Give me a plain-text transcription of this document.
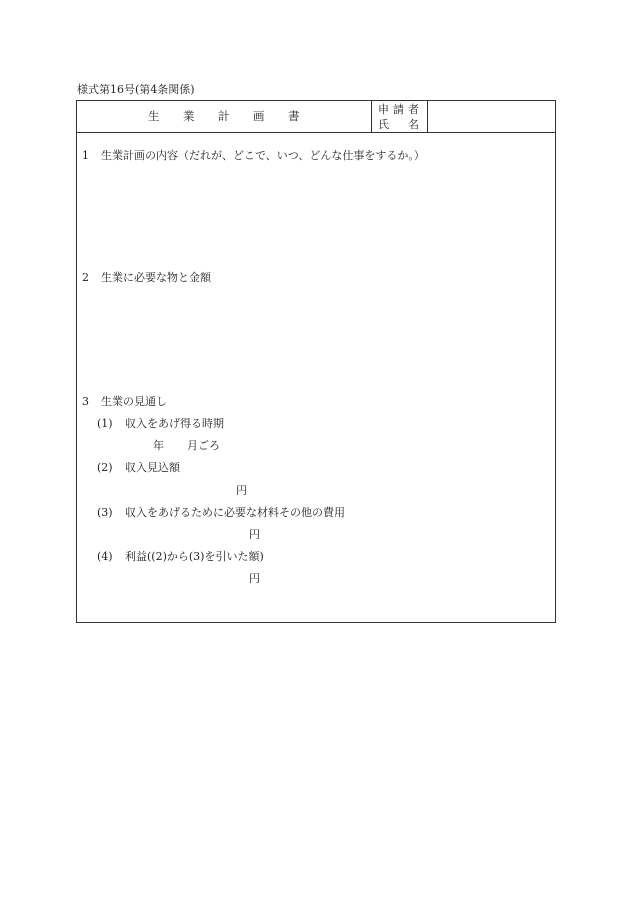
様式第16号(第4条関係)
生 業 計 画 書	申 請 者
氏 名
1 生業計画の内容（だれが、どこで、いつ、どんな仕事をするか。）
2 生業に必要な物と金額
3 生業の見通し
(1) 収入をあげ得る時期
年 月ごろ
(2) 収入見込額
円
(3) 収入をあげるために必要な材料その他の費用
円
(4) 利益((2)から(3)を引いた額)
円
